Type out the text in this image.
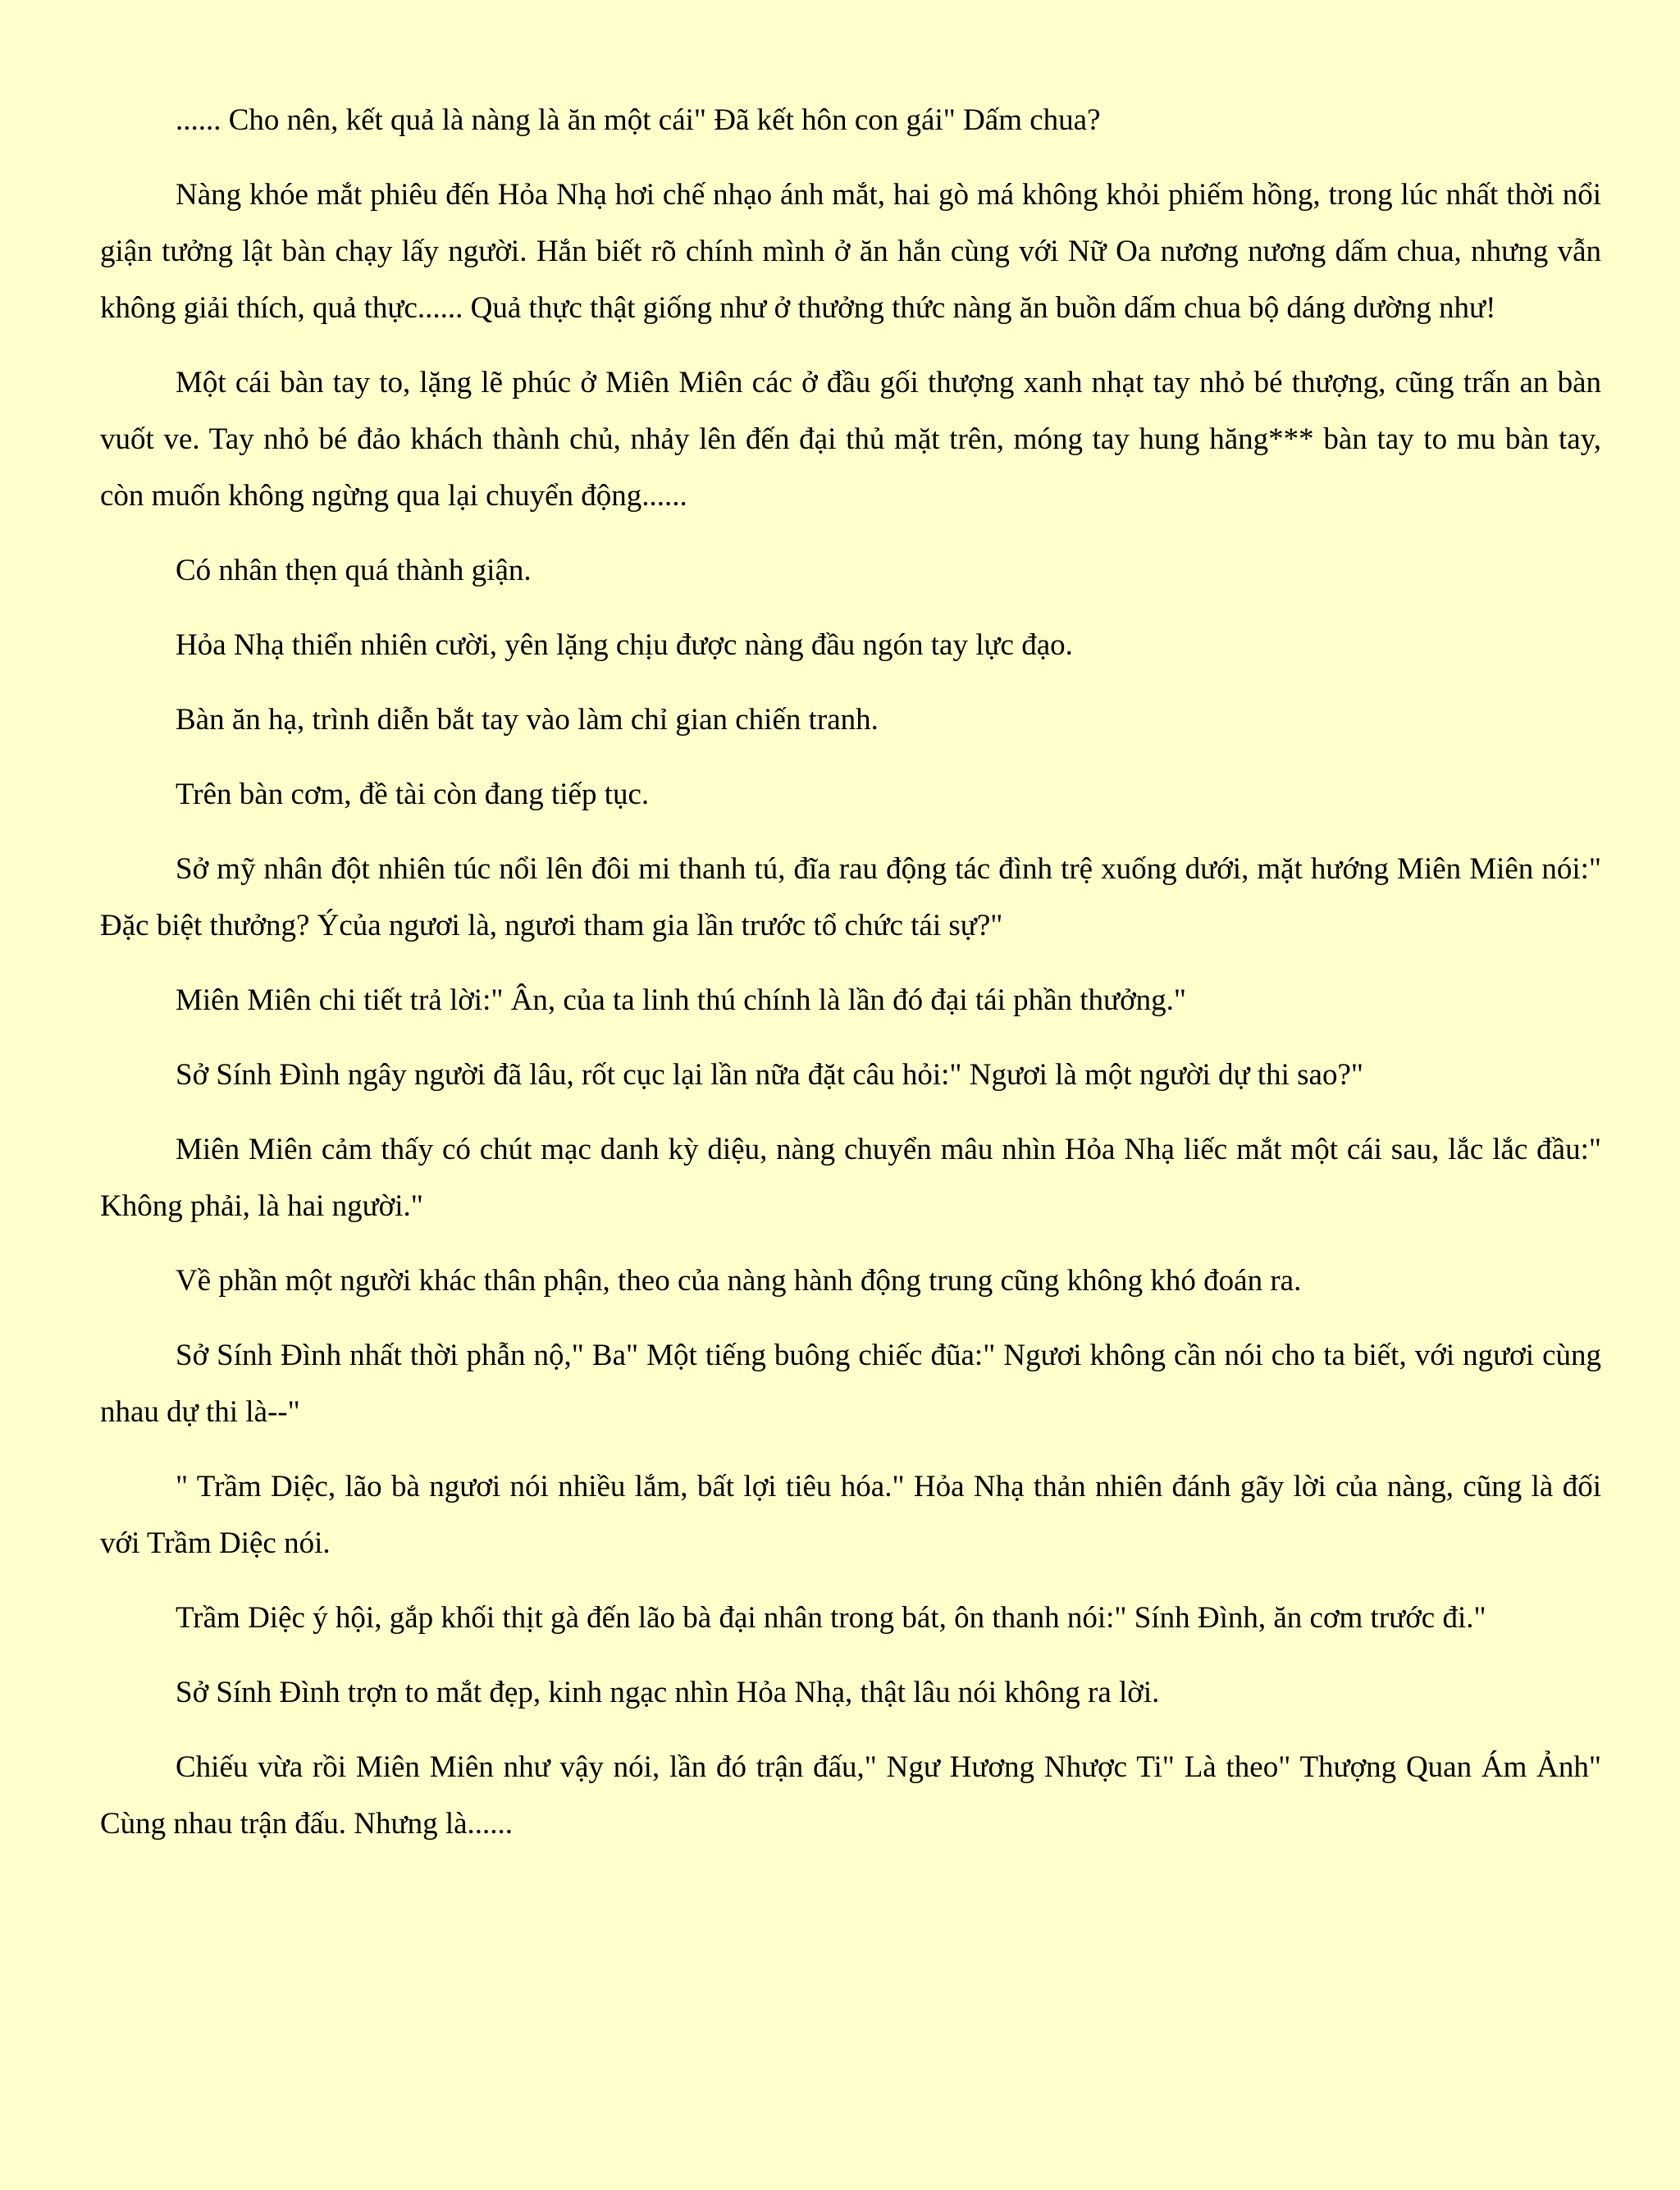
...... Cho nên, kết quả là nàng là ăn một cái" Đã kết hôn con gái" Dấm chua?

Nàng khóe mắt phiêu đến Hỏa Nhạ hơi chế nhạo ánh mắt, hai gò má không khỏi phiếm hồng, trong lúc nhất thời nổi giận tưởng lật bàn chạy lấy người. Hắn biết rõ chính mình ở ăn hắn cùng với Nữ Oa nương nương dấm chua, nhưng vẫn không giải thích, quả thực...... Quả thực thật giống như ở thưởng thức nàng ăn buồn dấm chua bộ dáng dường như!

Một cái bàn tay to, lặng lẽ phúc ở Miên Miên các ở đầu gối thượng xanh nhạt tay nhỏ bé thượng, cũng trấn an bàn vuốt ve. Tay nhỏ bé đảo khách thành chủ, nhảy lên đến đại thủ mặt trên, móng tay hung hăng*** bàn tay to mu bàn tay, còn muốn không ngừng qua lại chuyển động......

Có nhân thẹn quá thành giận.

Hỏa Nhạ thiển nhiên cười, yên lặng chịu được nàng đầu ngón tay lực đạo.

Bàn ăn hạ, trình diễn bắt tay vào làm chỉ gian chiến tranh.

Trên bàn cơm, đề tài còn đang tiếp tục.

Sở mỹ nhân đột nhiên túc nổi lên đôi mi thanh tú, đĩa rau động tác đình trệ xuống dưới, mặt hướng Miên Miên nói:" Đặc biệt thưởng? Ýcủa ngươi là, ngươi tham gia lần trước tổ chức tái sự?"

Miên Miên chi tiết trả lời:" Ân, của ta linh thú chính là lần đó đại tái phần thưởng."

Sở Sính Đình ngây người đã lâu, rốt cục lại lần nữa đặt câu hỏi:" Ngươi là một người dự thi sao?"

Miên Miên cảm thấy có chút mạc danh kỳ diệu, nàng chuyển mâu nhìn Hỏa Nhạ liếc mắt một cái sau, lắc lắc đầu:" Không phải, là hai người."

Về phần một người khác thân phận, theo của nàng hành động trung cũng không khó đoán ra.

Sở Sính Đình nhất thời phẫn nộ," Ba" Một tiếng buông chiếc đũa:" Ngươi không cần nói cho ta biết, với ngươi cùng nhau dự thi là--"

" Trầm Diệc, lão bà ngươi nói nhiều lắm, bất lợi tiêu hóa." Hỏa Nhạ thản nhiên đánh gãy lời của nàng, cũng là đối với Trầm Diệc nói.

Trầm Diệc ý hội, gắp khối thịt gà đến lão bà đại nhân trong bát, ôn thanh nói:" Sính Đình, ăn cơm trước đi."

Sở Sính Đình trợn to mắt đẹp, kinh ngạc nhìn Hỏa Nhạ, thật lâu nói không ra lời.

Chiếu vừa rồi Miên Miên như vậy nói, lần đó trận đấu," Ngư Hương Nhược Ti" Là theo" Thượng Quan Ám Ảnh" Cùng nhau trận đấu. Nhưng là......
